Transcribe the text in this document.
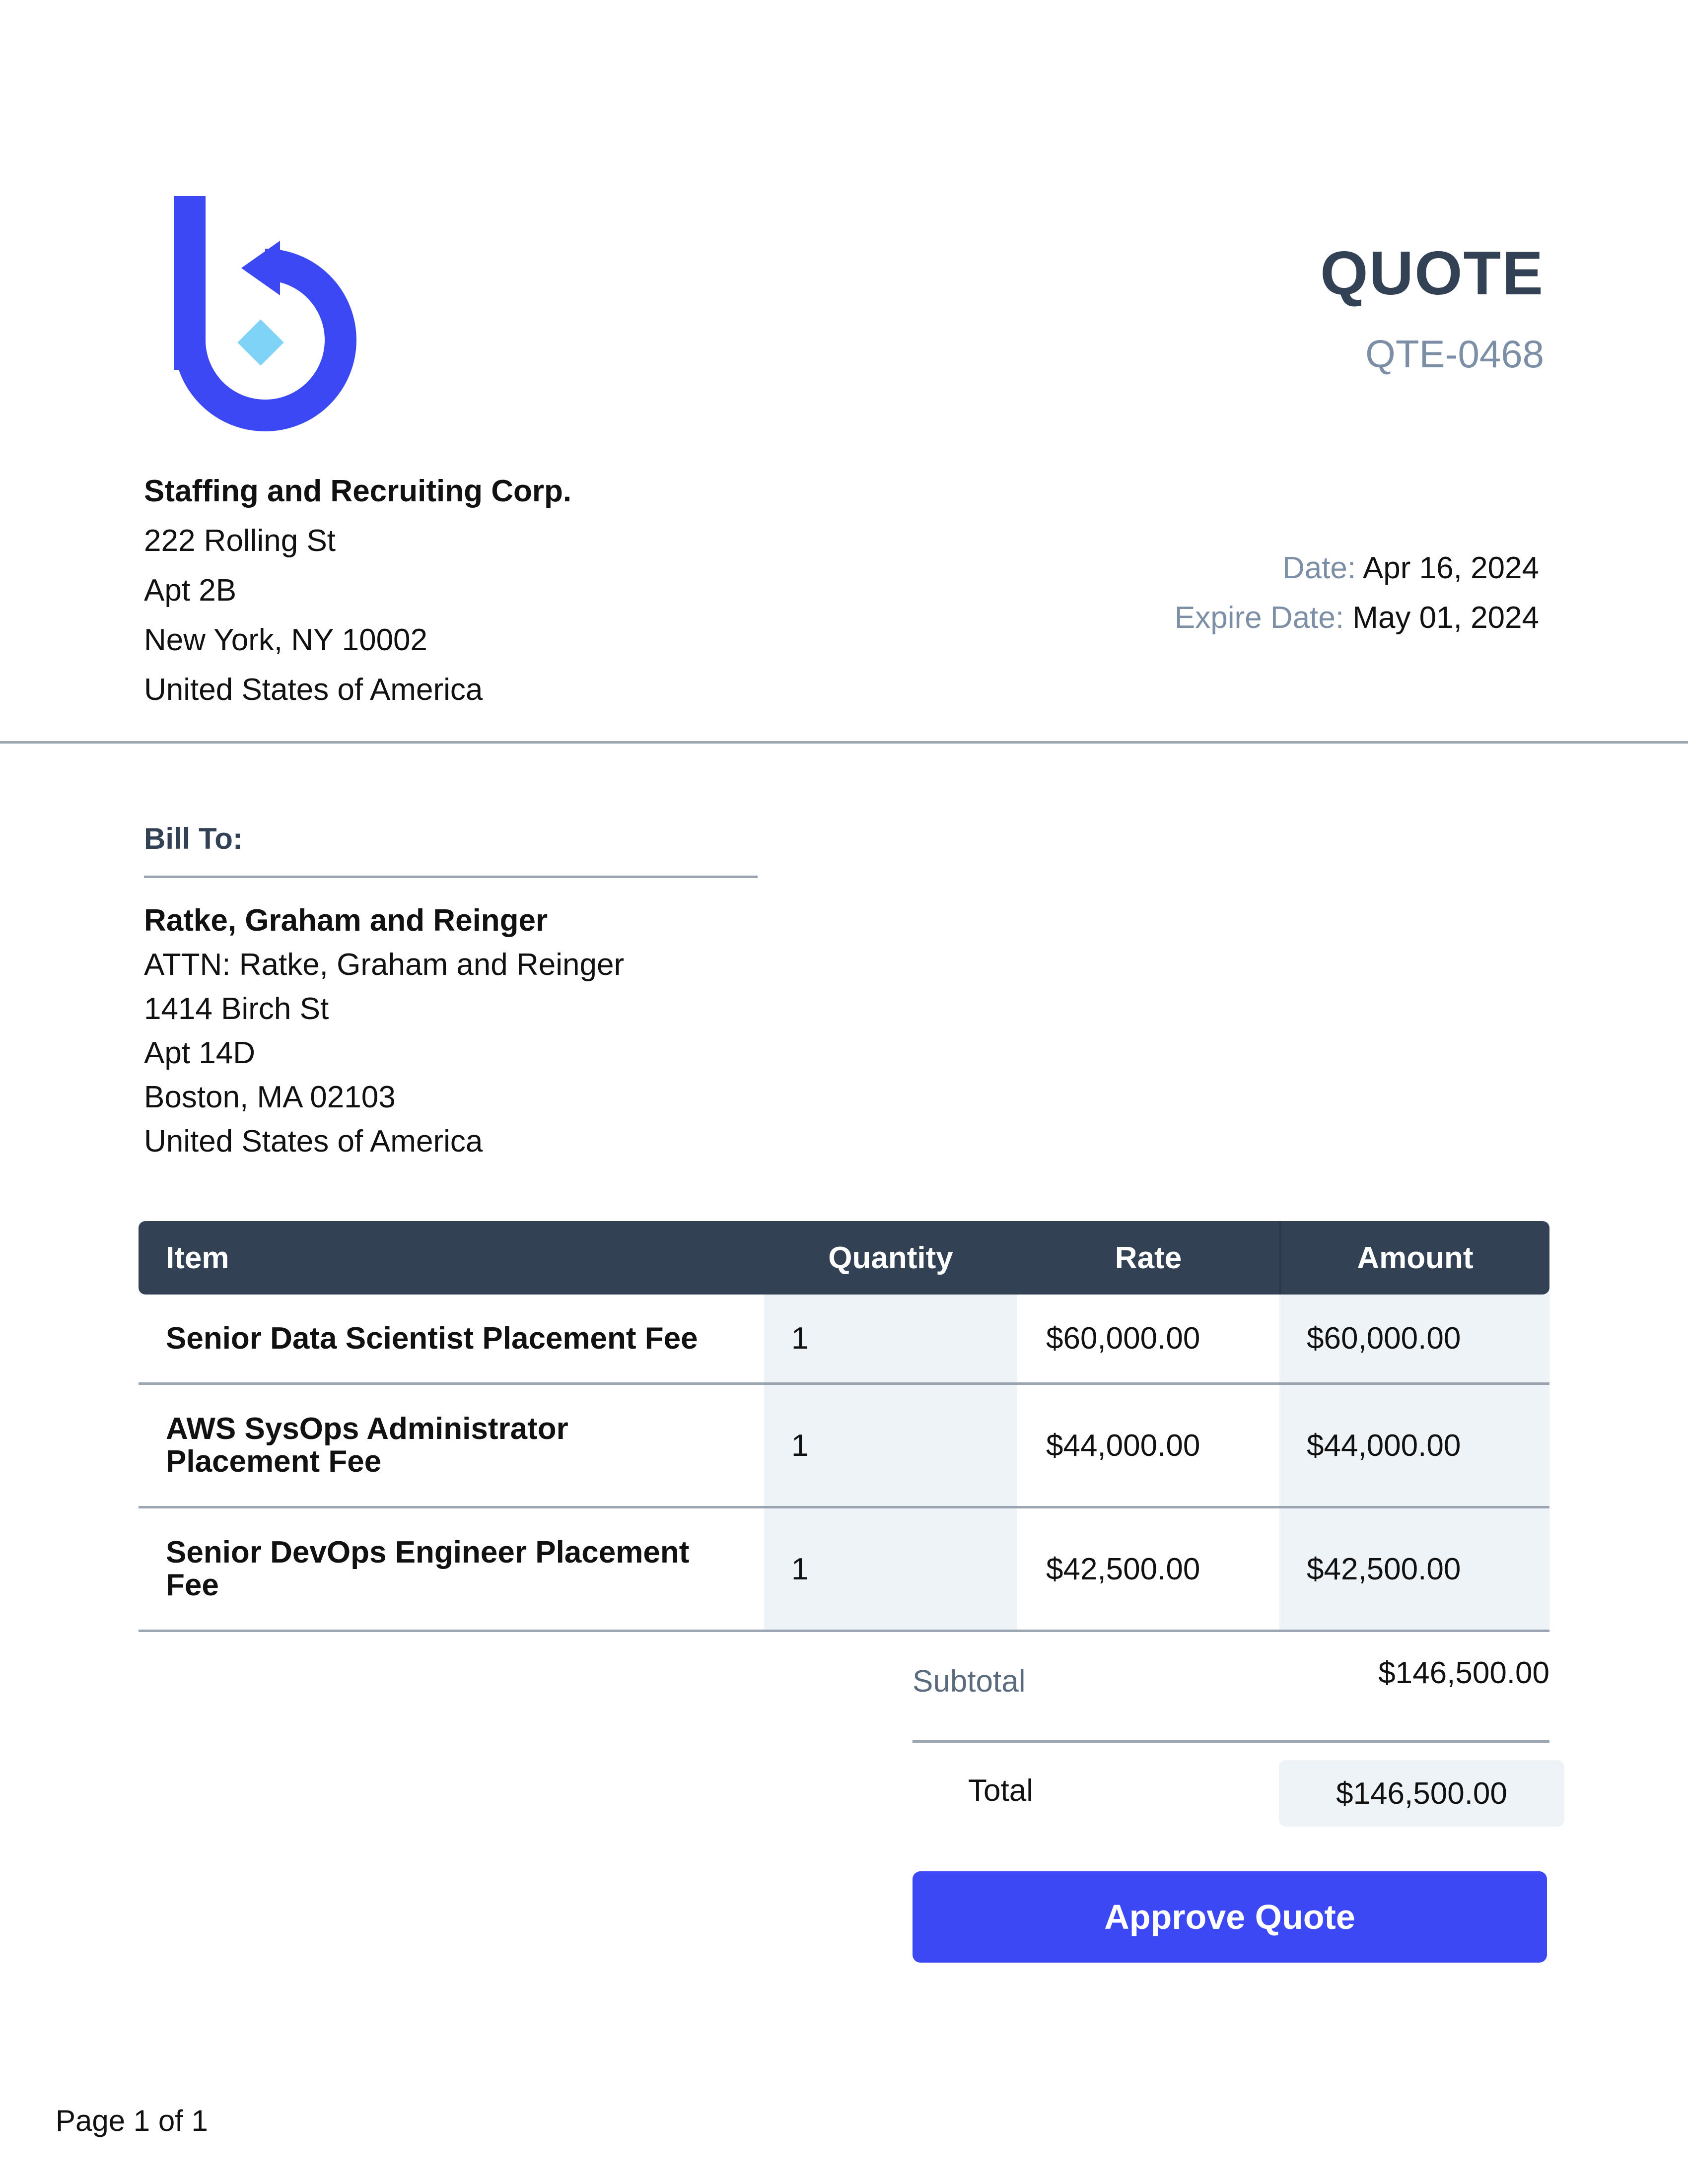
QUOTE
QTE-0468
Staffing and Recruiting Corp.
222 Rolling St
Apt 2B
New York, NY 10002
United States of America
Date: Apr 16, 2024
Expire Date: May 01, 2024
Bill To:
Ratke, Graham and Reinger
ATTN: Ratke, Graham and Reinger
1414 Birch St
Apt 14D
Boston, MA 02103
United States of America
Item	Quantity	Rate	Amount
Senior Data Scientist Placement Fee	1	$60,000.00	$60,000.00
AWS SysOps Administrator Placement Fee	1	$44,000.00	$44,000.00
Senior DevOps Engineer Placement Fee	1	$42,500.00	$42,500.00
Subtotal	$146,500.00
Total	$146,500.00
Approve Quote
Page 1 of 1
